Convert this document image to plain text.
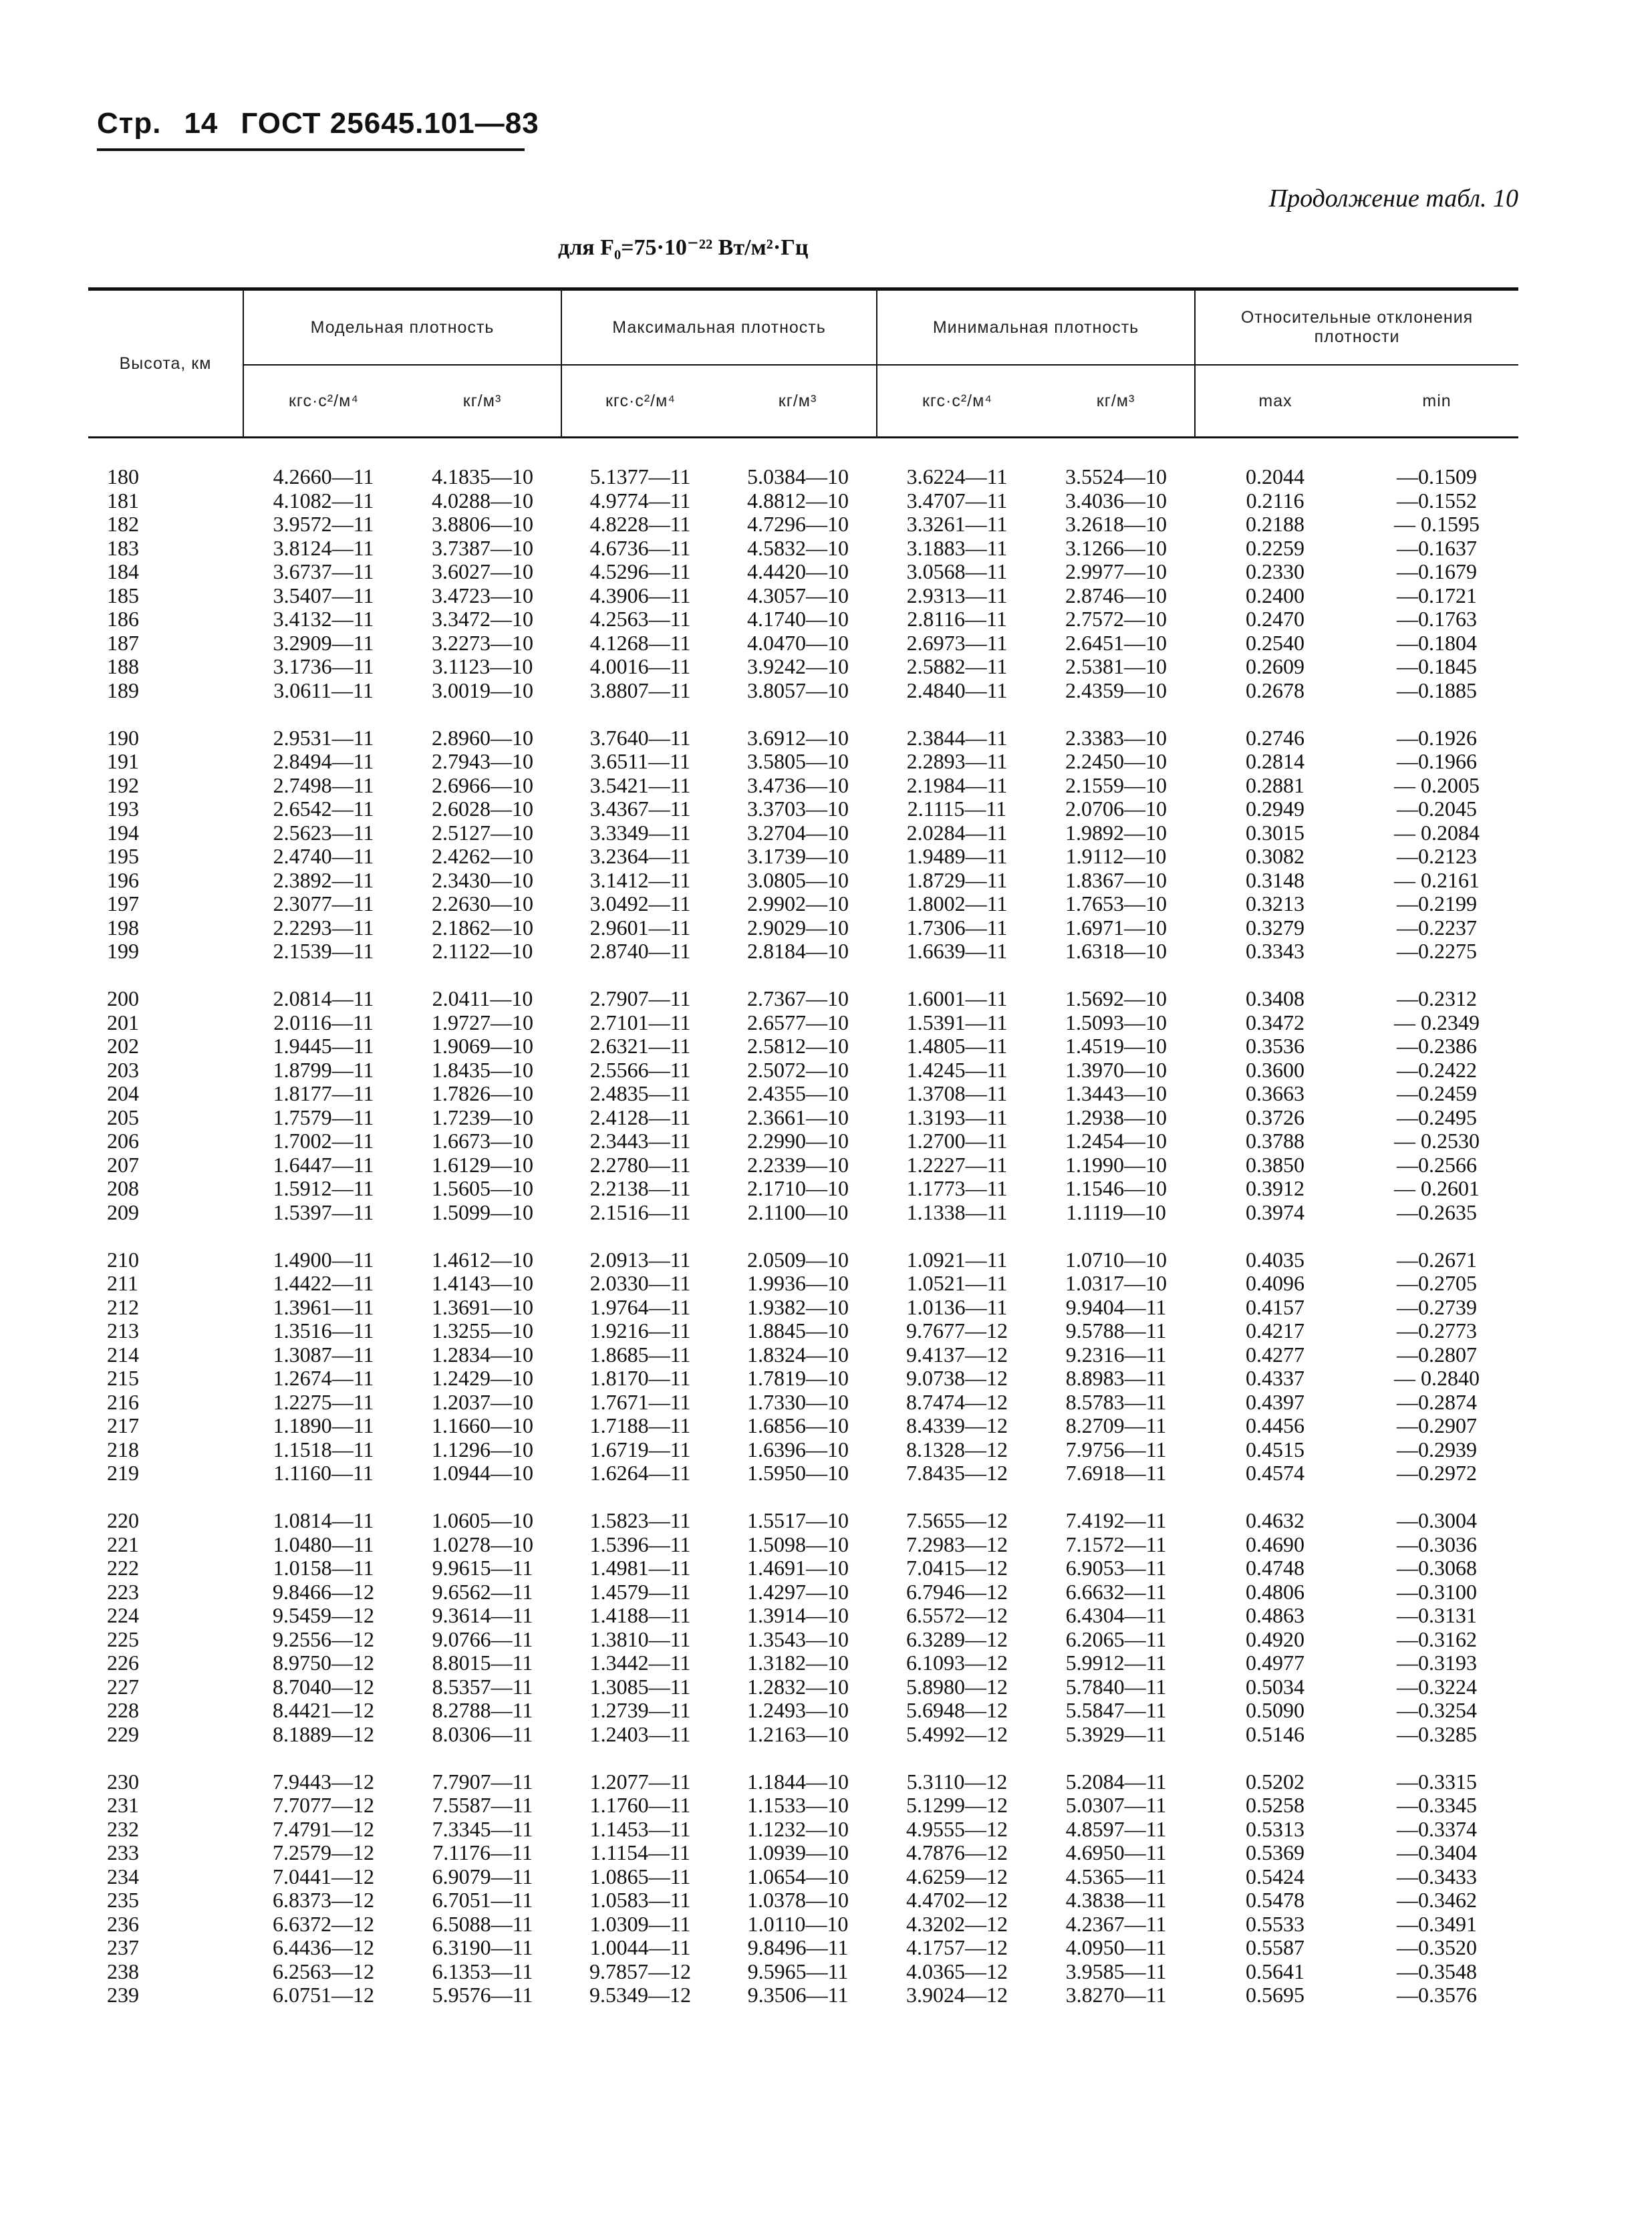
Стр. 14 ГОСТ 25645.101—83
Продолжение табл. 10
для F₀=75·10⁻²² Вт/м²·Гц
Высота, км	Модельная плотность		Максимальная плотность		Минимальная плотность		Относительные отклонения плотности	
	кгс·с²/м⁴	кг/м³	кгс·с²/м⁴	кг/м³	кгс·с²/м⁴	кг/м³	max	min

180	4.2660—11	4.1835—10	5.1377—11	5.0384—10	3.6224—11	3.5524—10	0.2044	—0.1509
181	4.1082—11	4.0288—10	4.9774—11	4.8812—10	3.4707—11	3.4036—10	0.2116	—0.1552
182	3.9572—11	3.8806—10	4.8228—11	4.7296—10	3.3261—11	3.2618—10	0.2188	— 0.1595
183	3.8124—11	3.7387—10	4.6736—11	4.5832—10	3.1883—11	3.1266—10	0.2259	—0.1637
184	3.6737—11	3.6027—10	4.5296—11	4.4420—10	3.0568—11	2.9977—10	0.2330	—0.1679
185	3.5407—11	3.4723—10	4.3906—11	4.3057—10	2.9313—11	2.8746—10	0.2400	—0.1721
186	3.4132—11	3.3472—10	4.2563—11	4.1740—10	2.8116—11	2.7572—10	0.2470	—0.1763
187	3.2909—11	3.2273—10	4.1268—11	4.0470—10	2.6973—11	2.6451—10	0.2540	—0.1804
188	3.1736—11	3.1123—10	4.0016—11	3.9242—10	2.5882—11	2.5381—10	0.2609	—0.1845
189	3.0611—11	3.0019—10	3.8807—11	3.8057—10	2.4840—11	2.4359—10	0.2678	—0.1885

190	2.9531—11	2.8960—10	3.7640—11	3.6912—10	2.3844—11	2.3383—10	0.2746	—0.1926
191	2.8494—11	2.7943—10	3.6511—11	3.5805—10	2.2893—11	2.2450—10	0.2814	—0.1966
192	2.7498—11	2.6966—10	3.5421—11	3.4736—10	2.1984—11	2.1559—10	0.2881	— 0.2005
193	2.6542—11	2.6028—10	3.4367—11	3.3703—10	2.1115—11	2.0706—10	0.2949	—0.2045
194	2.5623—11	2.5127—10	3.3349—11	3.2704—10	2.0284—11	1.9892—10	0.3015	— 0.2084
195	2.4740—11	2.4262—10	3.2364—11	3.1739—10	1.9489—11	1.9112—10	0.3082	—0.2123
196	2.3892—11	2.3430—10	3.1412—11	3.0805—10	1.8729—11	1.8367—10	0.3148	— 0.2161
197	2.3077—11	2.2630—10	3.0492—11	2.9902—10	1.8002—11	1.7653—10	0.3213	—0.2199
198	2.2293—11	2.1862—10	2.9601—11	2.9029—10	1.7306—11	1.6971—10	0.3279	—0.2237
199	2.1539—11	2.1122—10	2.8740—11	2.8184—10	1.6639—11	1.6318—10	0.3343	—0.2275

200	2.0814—11	2.0411—10	2.7907—11	2.7367—10	1.6001—11	1.5692—10	0.3408	—0.2312
201	2.0116—11	1.9727—10	2.7101—11	2.6577—10	1.5391—11	1.5093—10	0.3472	— 0.2349
202	1.9445—11	1.9069—10	2.6321—11	2.5812—10	1.4805—11	1.4519—10	0.3536	—0.2386
203	1.8799—11	1.8435—10	2.5566—11	2.5072—10	1.4245—11	1.3970—10	0.3600	—0.2422
204	1.8177—11	1.7826—10	2.4835—11	2.4355—10	1.3708—11	1.3443—10	0.3663	—0.2459
205	1.7579—11	1.7239—10	2.4128—11	2.3661—10	1.3193—11	1.2938—10	0.3726	—0.2495
206	1.7002—11	1.6673—10	2.3443—11	2.2990—10	1.2700—11	1.2454—10	0.3788	— 0.2530
207	1.6447—11	1.6129—10	2.2780—11	2.2339—10	1.2227—11	1.1990—10	0.3850	—0.2566
208	1.5912—11	1.5605—10	2.2138—11	2.1710—10	1.1773—11	1.1546—10	0.3912	— 0.2601
209	1.5397—11	1.5099—10	2.1516—11	2.1100—10	1.1338—11	1.1119—10	0.3974	—0.2635

210	1.4900—11	1.4612—10	2.0913—11	2.0509—10	1.0921—11	1.0710—10	0.4035	—0.2671
211	1.4422—11	1.4143—10	2.0330—11	1.9936—10	1.0521—11	1.0317—10	0.4096	—0.2705
212	1.3961—11	1.3691—10	1.9764—11	1.9382—10	1.0136—11	9.9404—11	0.4157	—0.2739
213	1.3516—11	1.3255—10	1.9216—11	1.8845—10	9.7677—12	9.5788—11	0.4217	—0.2773
214	1.3087—11	1.2834—10	1.8685—11	1.8324—10	9.4137—12	9.2316—11	0.4277	—0.2807
215	1.2674—11	1.2429—10	1.8170—11	1.7819—10	9.0738—12	8.8983—11	0.4337	— 0.2840
216	1.2275—11	1.2037—10	1.7671—11	1.7330—10	8.7474—12	8.5783—11	0.4397	—0.2874
217	1.1890—11	1.1660—10	1.7188—11	1.6856—10	8.4339—12	8.2709—11	0.4456	—0.2907
218	1.1518—11	1.1296—10	1.6719—11	1.6396—10	8.1328—12	7.9756—11	0.4515	—0.2939
219	1.1160—11	1.0944—10	1.6264—11	1.5950—10	7.8435—12	7.6918—11	0.4574	—0.2972

220	1.0814—11	1.0605—10	1.5823—11	1.5517—10	7.5655—12	7.4192—11	0.4632	—0.3004
221	1.0480—11	1.0278—10	1.5396—11	1.5098—10	7.2983—12	7.1572—11	0.4690	—0.3036
222	1.0158—11	9.9615—11	1.4981—11	1.4691—10	7.0415—12	6.9053—11	0.4748	—0.3068
223	9.8466—12	9.6562—11	1.4579—11	1.4297—10	6.7946—12	6.6632—11	0.4806	—0.3100
224	9.5459—12	9.3614—11	1.4188—11	1.3914—10	6.5572—12	6.4304—11	0.4863	—0.3131
225	9.2556—12	9.0766—11	1.3810—11	1.3543—10	6.3289—12	6.2065—11	0.4920	—0.3162
226	8.9750—12	8.8015—11	1.3442—11	1.3182—10	6.1093—12	5.9912—11	0.4977	—0.3193
227	8.7040—12	8.5357—11	1.3085—11	1.2832—10	5.8980—12	5.7840—11	0.5034	—0.3224
228	8.4421—12	8.2788—11	1.2739—11	1.2493—10	5.6948—12	5.5847—11	0.5090	—0.3254
229	8.1889—12	8.0306—11	1.2403—11	1.2163—10	5.4992—12	5.3929—11	0.5146	—0.3285

230	7.9443—12	7.7907—11	1.2077—11	1.1844—10	5.3110—12	5.2084—11	0.5202	—0.3315
231	7.7077—12	7.5587—11	1.1760—11	1.1533—10	5.1299—12	5.0307—11	0.5258	—0.3345
232	7.4791—12	7.3345—11	1.1453—11	1.1232—10	4.9555—12	4.8597—11	0.5313	—0.3374
233	7.2579—12	7.1176—11	1.1154—11	1.0939—10	4.7876—12	4.6950—11	0.5369	—0.3404
234	7.0441—12	6.9079—11	1.0865—11	1.0654—10	4.6259—12	4.5365—11	0.5424	—0.3433
235	6.8373—12	6.7051—11	1.0583—11	1.0378—10	4.4702—12	4.3838—11	0.5478	—0.3462
236	6.6372—12	6.5088—11	1.0309—11	1.0110—10	4.3202—12	4.2367—11	0.5533	—0.3491
237	6.4436—12	6.3190—11	1.0044—11	9.8496—11	4.1757—12	4.0950—11	0.5587	—0.3520
238	6.2563—12	6.1353—11	9.7857—12	9.5965—11	4.0365—12	3.9585—11	0.5641	—0.3548
239	6.0751—12	5.9576—11	9.5349—12	9.3506—11	3.9024—12	3.8270—11	0.5695	—0.3576
